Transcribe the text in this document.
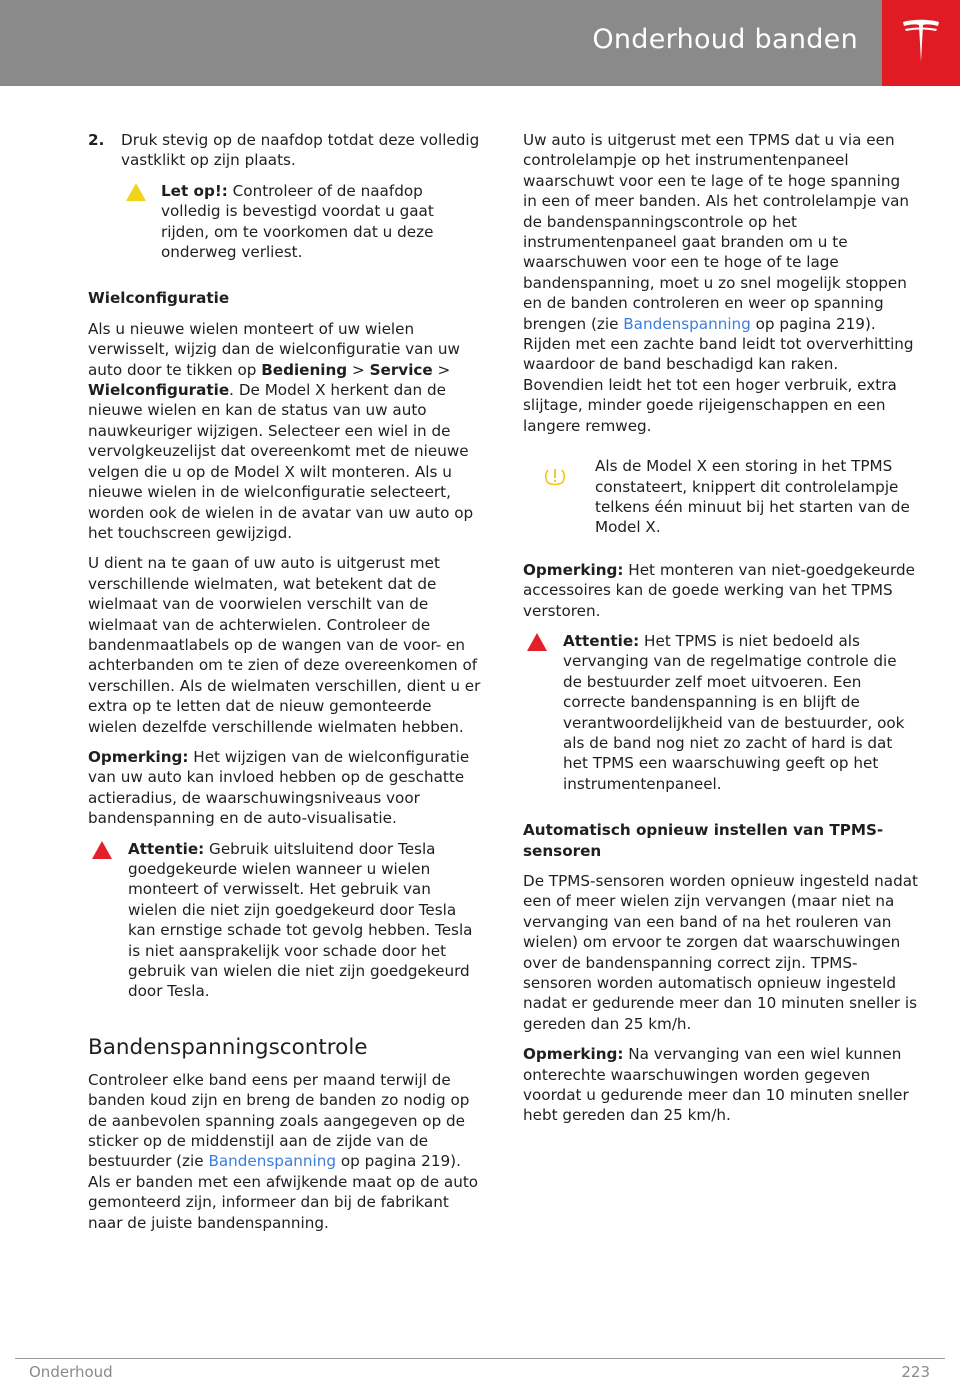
Onderhoud banden
2. Druk stevig op de naafdop totdat deze volledig vastklikt op zijn plaats.
Let op!: Controleer of de naafdop volledig is bevestigd voordat u gaat rijden, om te voorkomen dat u deze onderweg verliest.
Wielconfiguratie

Als u nieuwe wielen monteert of uw wielen verwisselt, wijzig dan de wielconfiguratie van uw auto door te tikken op Bediening > Service > Wielconfiguratie. De Model X herkent dan de nieuwe wielen en kan de status van uw auto nauwkeuriger wijzigen. Selecteer een wiel in de vervolgkeuzelijst dat overeenkomt met de nieuwe velgen die u op de Model X wilt monteren. Als u nieuwe wielen in de wielconfiguratie selecteert, worden ook de wielen in de avatar van uw auto op het touchscreen gewijzigd.

U dient na te gaan of uw auto is uitgerust met verschillende wielmaten, wat betekent dat de wielmaat van de voorwielen verschilt van de wielmaat van de achterwielen. Controleer de bandenmaatlabels op de wangen van de voor- en achterbanden om te zien of deze overeenkomen of verschillen. Als de wielmaten verschillen, dient u er extra op te letten dat de nieuw gemonteerde wielen dezelfde verschillende wielmaten hebben.

Opmerking: Het wijzigen van de wielconfiguratie van uw auto kan invloed hebben op de geschatte actieradius, de waarschuwingsniveaus voor bandenspanning en de auto-visualisatie.

Attentie: Gebruik uitsluitend door Tesla goedgekeurde wielen wanneer u wielen monteert of verwisselt. Het gebruik van wielen die niet zijn goedgekeurd door Tesla kan ernstige schade tot gevolg hebben. Tesla is niet aansprakelijk voor schade door het gebruik van wielen die niet zijn goedgekeurd door Tesla.
Bandenspanningscontrole

Controleer elke band eens per maand terwijl de banden koud zijn en breng de banden zo nodig op de aanbevolen spanning zoals aangegeven op de sticker op de middenstijl aan de zijde van de bestuurder (zie Bandenspanning op pagina 219). Als er banden met een afwijkende maat op de auto gemonteerd zijn, informeer dan bij de fabrikant naar de juiste bandenspanning.

Uw auto is uitgerust met een TPMS dat u via een controlelampje op het instrumentenpaneel waarschuwt voor een te lage of te hoge spanning in een of meer banden. Als het controlelampje van de bandenspanningscontrole op het instrumentenpaneel gaat branden om u te waarschuwen voor een te hoge of te lage bandenspanning, moet u zo snel mogelijk stoppen en de banden controleren en weer op spanning brengen (zie Bandenspanning op pagina 219). Rijden met een zachte band leidt tot oververhitting waardoor de band beschadigd kan raken. Bovendien leidt het tot een hoger verbruik, extra slijtage, minder goede rijeigenschappen en een langere remweg.

Als de Model X een storing in het TPMS constateert, knippert dit controlelampje telkens één minuut bij het starten van de Model X.

Opmerking: Het monteren van niet-goedgekeurde accessoires kan de goede werking van het TPMS verstoren.

Attentie: Het TPMS is niet bedoeld als vervanging van de regelmatige controle die de bestuurder zelf moet uitvoeren. Een correcte bandenspanning is en blijft de verantwoordelijkheid van de bestuurder, ook als de band nog niet zo zacht of hard is dat het TPMS een waarschuwing geeft op het instrumentenpaneel.
Automatisch opnieuw instellen van TPMS-sensoren

De TPMS-sensoren worden opnieuw ingesteld nadat een of meer wielen zijn vervangen (maar niet na vervanging van een band of na het rouleren van wielen) om ervoor te zorgen dat waarschuwingen over de bandenspanning correct zijn. TPMS-sensoren worden automatisch opnieuw ingesteld nadat er gedurende meer dan 10 minuten sneller is gereden dan 25 km/h.

Opmerking: Na vervanging van een wiel kunnen onterechte waarschuwingen worden gegeven voordat u gedurende meer dan 10 minuten sneller hebt gereden dan 25 km/h.

Onderhoud	223
